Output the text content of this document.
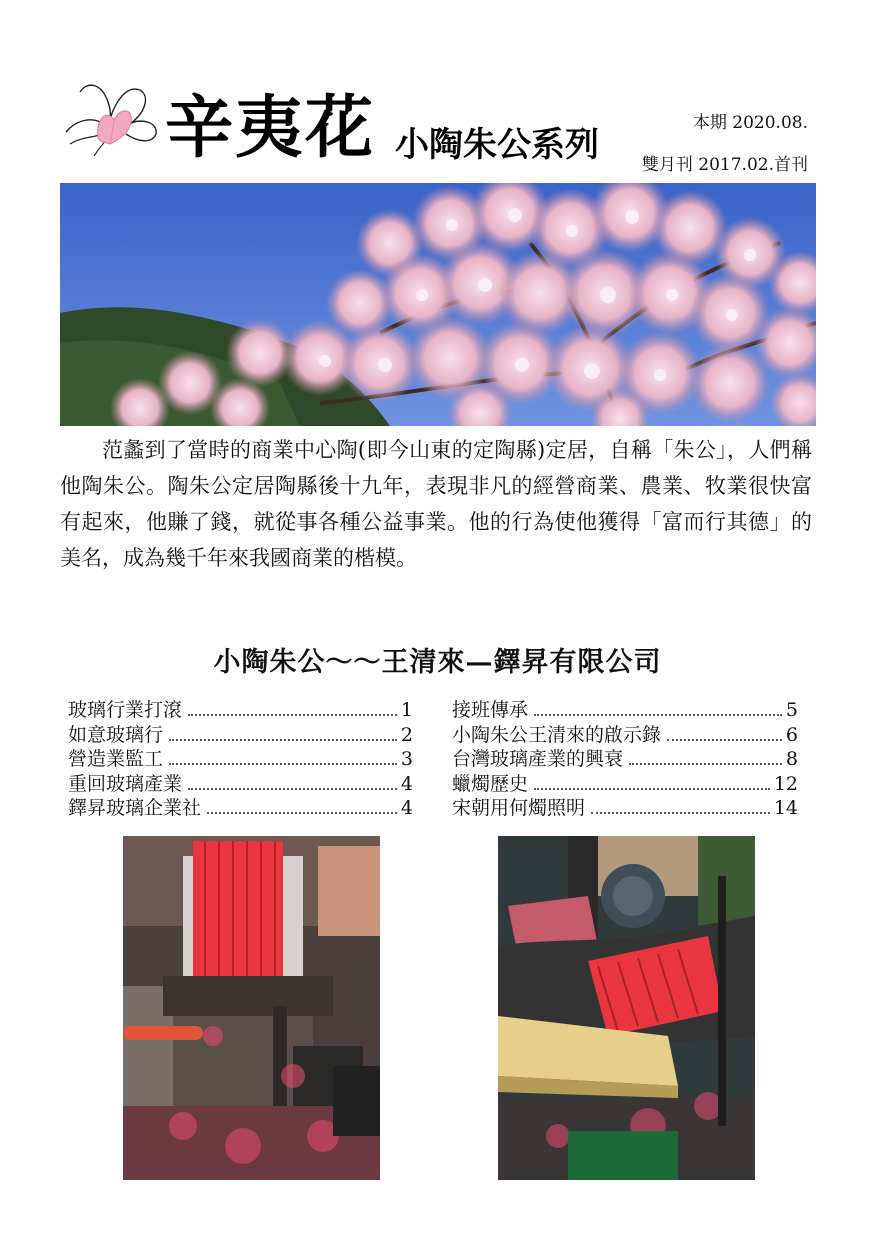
辛夷花 小陶朱公系列
本期 2020.08.
雙月刊 2017.02.首刊

范蠡到了當時的商業中心陶(即今山東的定陶縣)定居，自稱「朱公」，人們稱他陶朱公。陶朱公定居陶縣後十九年，表現非凡的經營商業、農業、牧業很快富有起來，他賺了錢，就從事各種公益事業。他的行為使他獲得「富而行其德」的美名，成為幾千年來我國商業的楷模。

小陶朱公～～王清來—鐸昇有限公司
玻璃行業打滾	1
如意玻璃行	2
營造業監工	3
重回玻璃產業	4
鐸昇玻璃企業社	4
接班傳承	5
小陶朱公王清來的啟示錄	6
台灣玻璃產業的興衰	8
蠟燭歷史	12
宋朝用何燭照明	14
